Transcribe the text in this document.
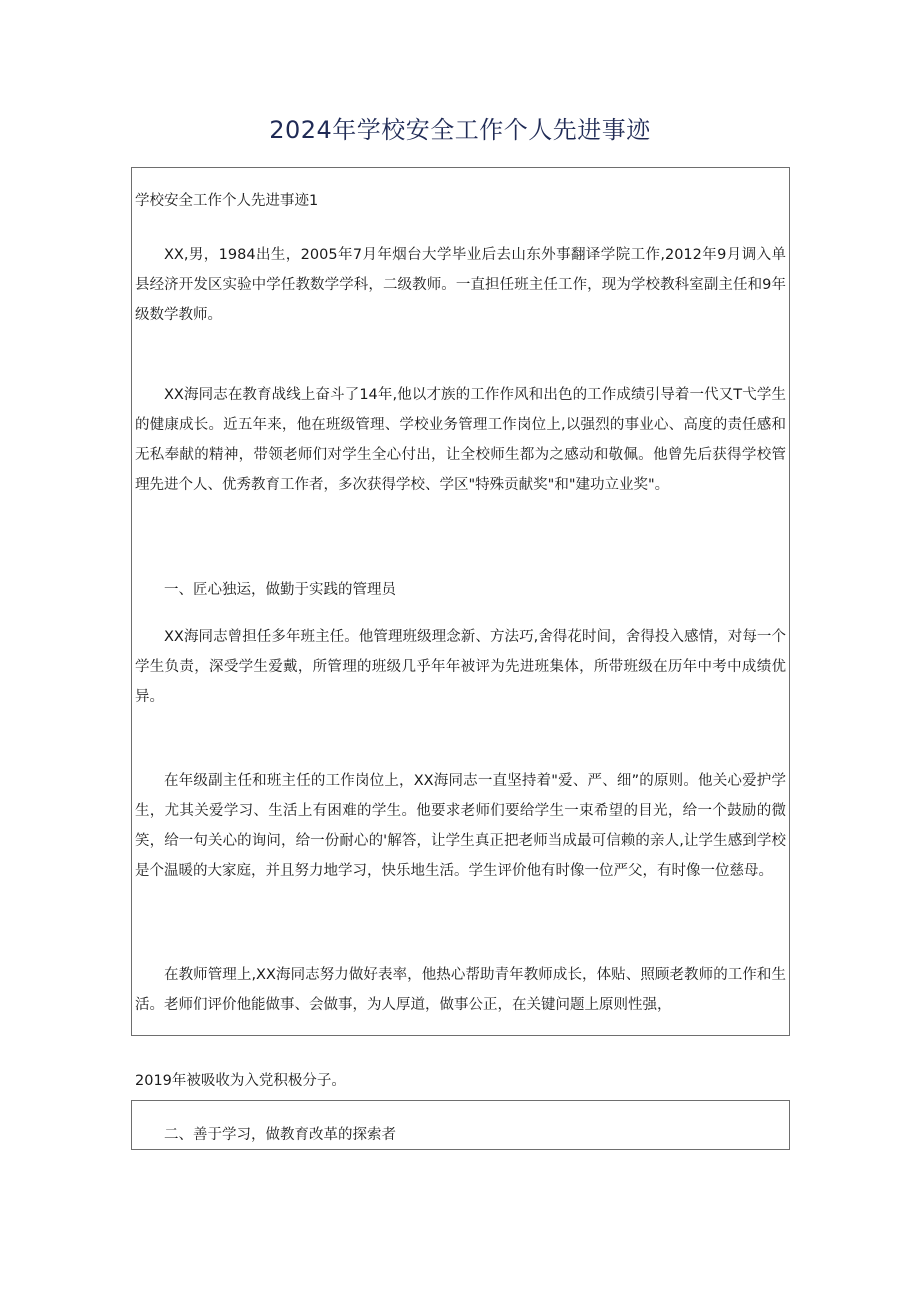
2024年学校安全工作个人先进事迹

学校安全工作个人先进事迹1

XX,男，1984出生，2005年7月年烟台大学毕业后去山东外事翻译学院工作,2012年9月调入单县经济开发区实验中学任教数学学科，二级教师。一直担任班主任工作，现为学校教科室副主任和9年级数学教师。

XX海同志在教育战线上奋斗了14年,他以才族的工作作风和出色的工作成绩引导着一代又T弋学生的健康成长。近五年来，他在班级管理、学校业务管理工作岗位上,以强烈的事业心、高度的责任感和无私奉献的精神，带领老师们对学生全心付出，让全校师生都为之感动和敬佩。他曾先后获得学校管理先进个人、优秀教育工作者，多次获得学校、学区"特殊贡献奖"和"建功立业奖"。

一、匠心独运，做勤于实践的管理员

XX海同志曾担任多年班主任。他管理班级理念新、方法巧,舍得花时间，舍得投入感情，对每一个学生负责，深受学生爱戴，所管理的班级几乎年年被评为先进班集体，所带班级在历年中考中成绩优异。

在年级副主任和班主任的工作岗位上，XX海同志一直坚持着"爱、严、细”的原则。他关心爱护学生，尤其关爱学习、生活上有困难的学生。他要求老师们要给学生一束希望的目光，给一个鼓励的微笑，给一句关心的询问，给一份耐心的'解答，让学生真正把老师当成最可信赖的亲人,让学生感到学校是个温暖的大家庭，并且努力地学习，快乐地生活。学生评价他有时像一位严父，有时像一位慈母。

在教师管理上,XX海同志努力做好表率，他热心帮助青年教师成长，体贴、照顾老教师的工作和生活。老师们评价他能做事、会做事，为人厚道，做事公正，在关键问题上原则性强，

2019年被吸收为入党积极分子。
二、善于学习，做教育改革的探索者
